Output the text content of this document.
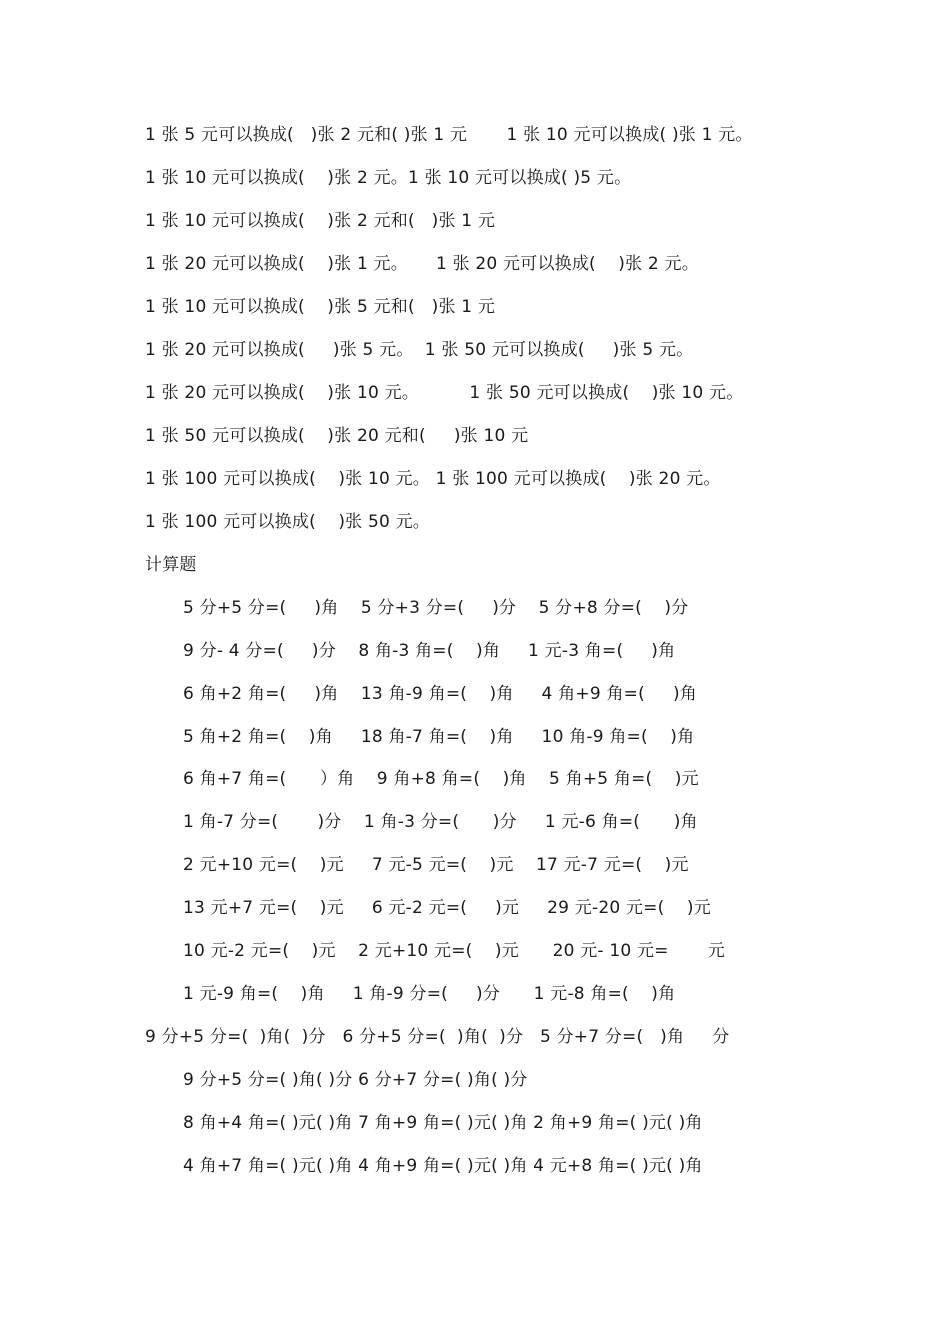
1 张 5 元可以换成(   )张 2 元和( )张 1 元       1 张 10 元可以换成( )张 1 元。
1 张 10 元可以换成(    )张 2 元。1 张 10 元可以换成( )5 元。
1 张 10 元可以换成(    )张 2 元和(   )张 1 元
1 张 20 元可以换成(    )张 1 元。     1 张 20 元可以换成(    )张 2 元。
1 张 10 元可以换成(    )张 5 元和(   )张 1 元
1 张 20 元可以换成(     )张 5 元。  1 张 50 元可以换成(     )张 5 元。
1 张 20 元可以换成(    )张 10 元。         1 张 50 元可以换成(    )张 10 元。
1 张 50 元可以换成(    )张 20 元和(     )张 10 元
1 张 100 元可以换成(    )张 10 元。 1 张 100 元可以换成(    )张 20 元。
1 张 100 元可以换成(    )张 50 元。
计算题
5 分+5 分=(     )角    5 分+3 分=(     )分    5 分+8 分=(    )分
9 分- 4 分=(     )分    8 角-3 角=(    )角     1 元-3 角=(     )角
6 角+2 角=(     )角    13 角-9 角=(    )角     4 角+9 角=(     )角
5 角+2 角=(    )角     18 角-7 角=(    )角     10 角-9 角=(    )角
6 角+7 角=(      ）角    9 角+8 角=(    )角    5 角+5 角=(    )元
1 角-7 分=(       )分    1 角-3 分=(      )分     1 元-6 角=(      )角
2 元+10 元=(    )元     7 元-5 元=(    )元    17 元-7 元=(    )元
13 元+7 元=(    )元     6 元-2 元=(     )元     29 元-20 元=(    )元
10 元-2 元=(    )元    2 元+10 元=(    )元      20 元- 10 元=       元
1 元-9 角=(    )角     1 角-9 分=(     )分      1 元-8 角=(    )角
9 分+5 分=(  )角(  )分   6 分+5 分=(  )角(  )分   5 分+7 分=(   )角     分
9 分+5 分=( )角( )分 6 分+7 分=( )角( )分
8 角+4 角=( )元( )角 7 角+9 角=( )元( )角 2 角+9 角=( )元( )角
4 角+7 角=( )元( )角 4 角+9 角=( )元( )角 4 元+8 角=( )元( )角
